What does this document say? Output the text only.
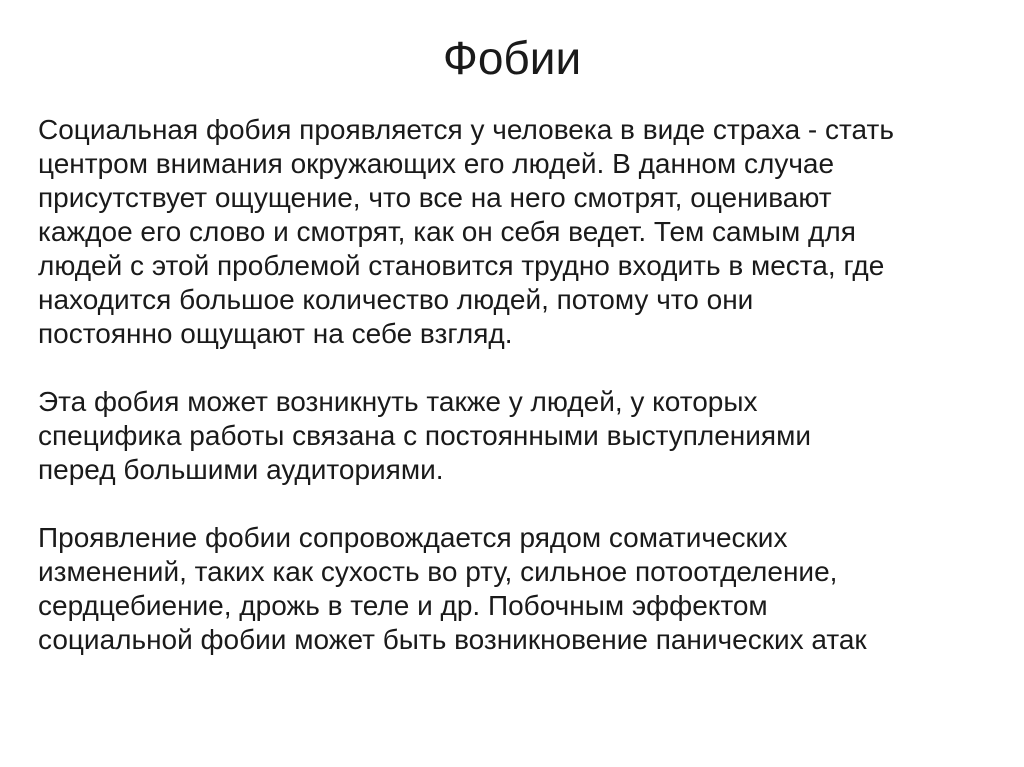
Фобии

Социальная фобия проявляется у человека в виде страха - стать
центром внимания окружающих его людей. В данном случае
присутствует ощущение, что все на него смотрят, оценивают
каждое его слово и смотрят, как он себя ведет. Тем самым для
людей с этой проблемой становится трудно входить в места, где
находится большое количество людей, потому что они
постоянно ощущают на себе взгляд.

Эта фобия может возникнуть также у людей, у которых
специфика работы связана с постоянными выступлениями
перед большими аудиториями.

Проявление фобии сопровождается рядом соматических
изменений, таких как сухость во рту, сильное потоотделение,
сердцебиение, дрожь в теле и др. Побочным эффектом
социальной фобии может быть возникновение панических атак
